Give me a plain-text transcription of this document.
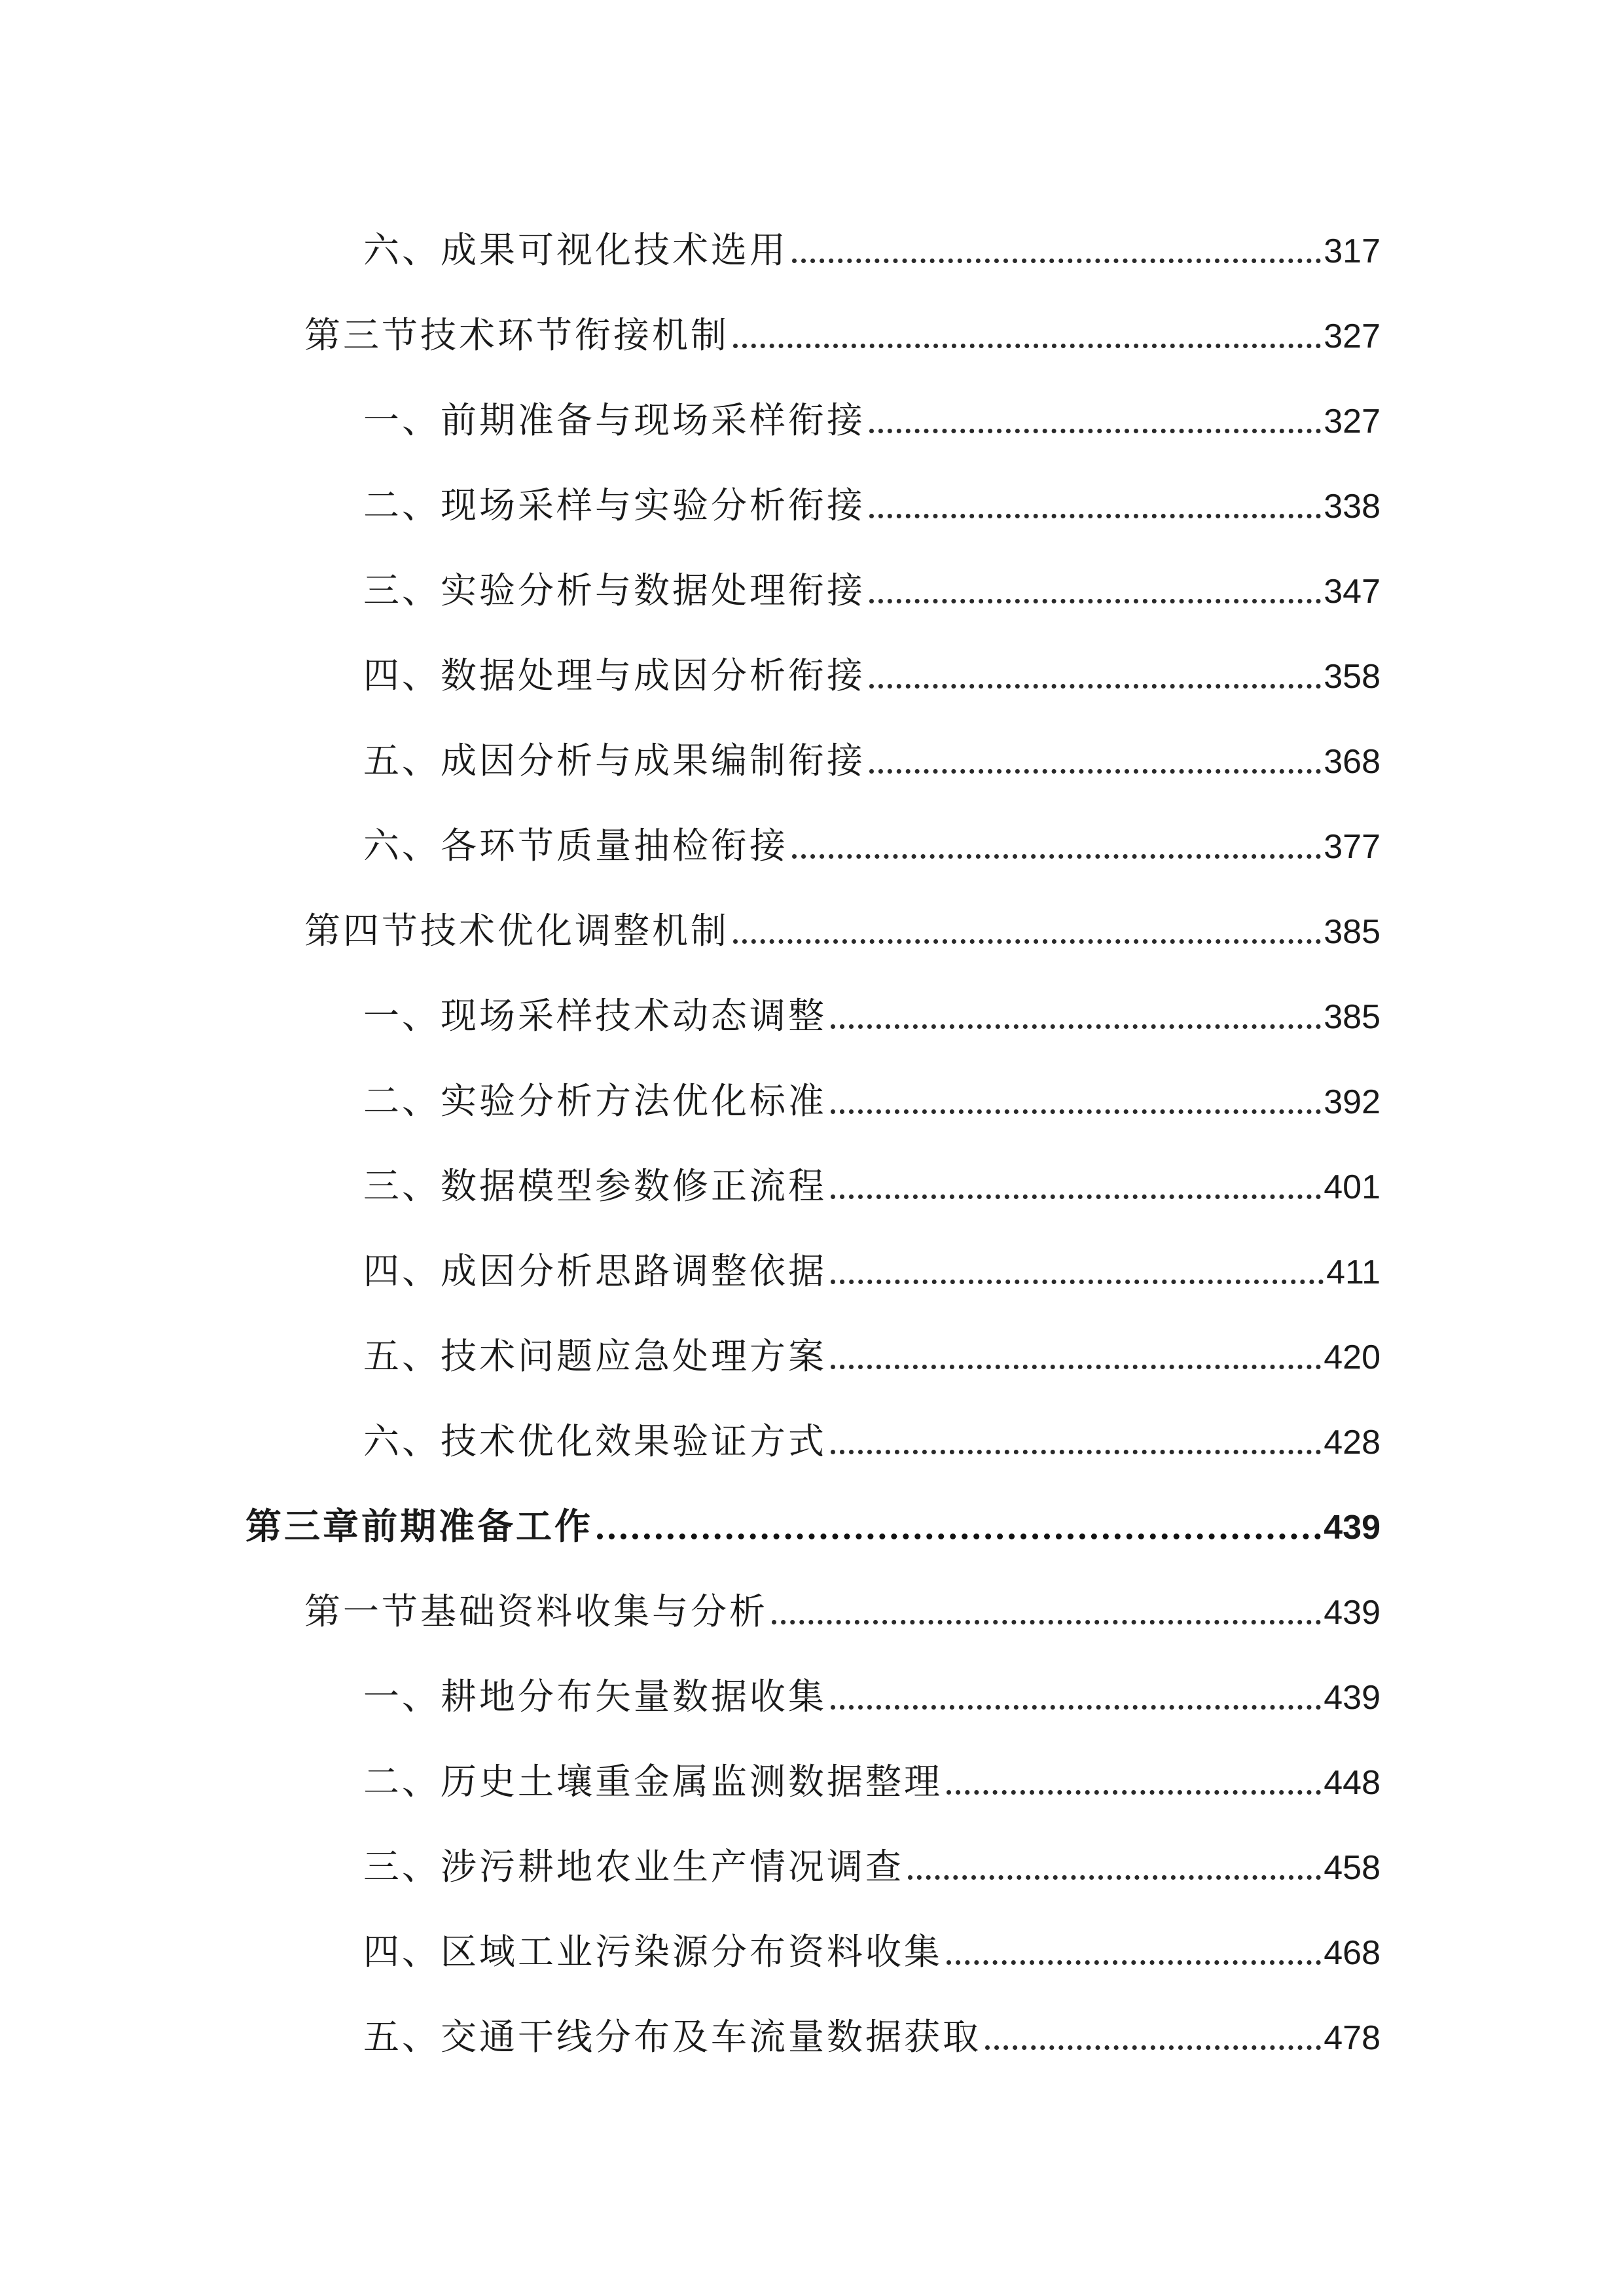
六、成果可视化技术选用	317
第三节技术环节衔接机制	327
一、前期准备与现场采样衔接	327
二、现场采样与实验分析衔接	338
三、实验分析与数据处理衔接	347
四、数据处理与成因分析衔接	358
五、成因分析与成果编制衔接	368
六、各环节质量抽检衔接	377
第四节技术优化调整机制	385
一、现场采样技术动态调整	385
二、实验分析方法优化标准	392
三、数据模型参数修正流程	401
四、成因分析思路调整依据	411
五、技术问题应急处理方案	420
六、技术优化效果验证方式	428
第三章前期准备工作	439
第一节基础资料收集与分析	439
一、耕地分布矢量数据收集	439
二、历史土壤重金属监测数据整理	448
三、涉污耕地农业生产情况调查	458
四、区域工业污染源分布资料收集	468
五、交通干线分布及车流量数据获取	478
